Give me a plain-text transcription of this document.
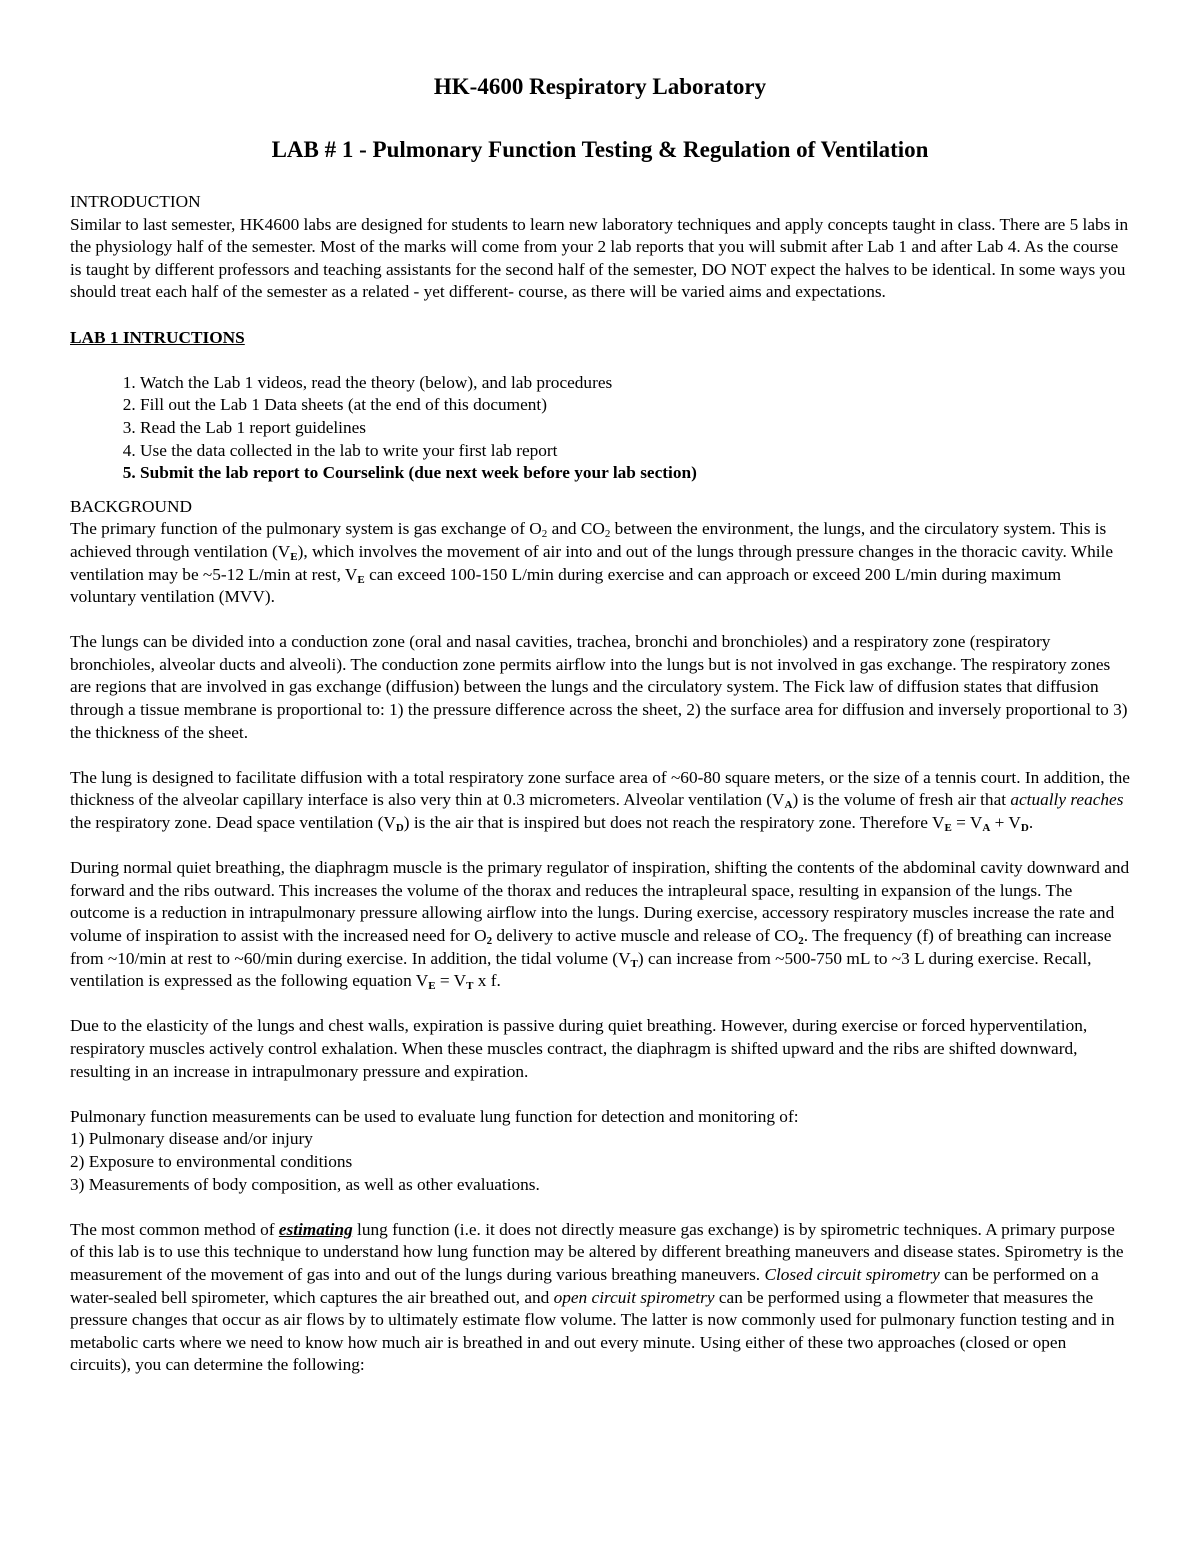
HK-4600 Respiratory Laboratory
LAB # 1 - Pulmonary Function Testing & Regulation of Ventilation
INTRODUCTION

Similar to last semester, HK4600 labs are designed for students to learn new laboratory techniques and apply concepts taught in class. There are 5 labs in the physiology half of the semester. Most of the marks will come from your 2 lab reports that you will submit after Lab 1 and after Lab 4. As the course is taught by different professors and teaching assistants for the second half of the semester, DO NOT expect the halves to be identical. In some ways you should treat each half of the semester as a related - yet different- course, as there will be varied aims and expectations.

LAB 1 INTRUCTIONS
1. Watch the Lab 1 videos, read the theory (below), and lab procedures
2. Fill out the Lab 1 Data sheets (at the end of this document)
3. Read the Lab 1 report guidelines
4. Use the data collected in the lab to write your first lab report
5. Submit the lab report to Courselink (due next week before your lab section)
BACKGROUND

The primary function of the pulmonary system is gas exchange of $O_2$ and $CO_2$ between the environment, the lungs, and the circulatory system. This is achieved through ventilation $(V_E)$, which involves the movement of air into and out of the lungs through pressure changes in the thoracic cavity. While ventilation may be ~5-12 L/min at rest, $V_E$ can exceed 100-150 L/min during exercise and can approach or exceed 200 L/min during maximum voluntary ventilation (MVV).

The lungs can be divided into a conduction zone (oral and nasal cavities, trachea, bronchi and bronchioles) and a respiratory zone (respiratory bronchioles, alveolar ducts and alveoli). The conduction zone permits airflow into the lungs but is not involved in gas exchange. The respiratory zones are regions that are involved in gas exchange (diffusion) between the lungs and the circulatory system. The Fick law of diffusion states that diffusion through a tissue membrane is proportional to: 1) the pressure difference across the sheet, 2) the surface area for diffusion and inversely proportional to 3) the thickness of the sheet.

The lung is designed to facilitate diffusion with a total respiratory zone surface area of ~60-80 square meters, or the size of a tennis court. In addition, the thickness of the alveolar capillary interface is also very thin at 0.3 micrometers. Alveolar ventilation $(V_A)$ is the volume of fresh air that actually reaches the respiratory zone. Dead space ventilation $(V_D)$ is the air that is inspired but does not reach the respiratory zone. Therefore $V_E = V_A + V_D$.

During normal quiet breathing, the diaphragm muscle is the primary regulator of inspiration, shifting the contents of the abdominal cavity downward and forward and the ribs outward. This increases the volume of the thorax and reduces the intrapleural space, resulting in expansion of the lungs. The outcome is a reduction in intrapulmonary pressure allowing airflow into the lungs. During exercise, accessory respiratory muscles increase the rate and volume of inspiration to assist with the increased need for $O_2$ delivery to active muscle and release of $CO_2$. The frequency (f) of breathing can increase from ~10/min at rest to ~60/min during exercise. In addition, the tidal volume $(V_T)$ can increase from ~500-750 mL to ~3 L during exercise. Recall, ventilation is expressed as the following equation $V_E = V_T$ x f.

Due to the elasticity of the lungs and chest walls, expiration is passive during quiet breathing. However, during exercise or forced hyperventilation, respiratory muscles actively control exhalation. When these muscles contract, the diaphragm is shifted upward and the ribs are shifted downward, resulting in an increase in intrapulmonary pressure and expiration.

Pulmonary function measurements can be used to evaluate lung function for detection and monitoring of:
1) Pulmonary disease and/or injury
2) Exposure to environmental conditions
3) Measurements of body composition, as well as other evaluations.

The most common method of estimating lung function (i.e. it does not directly measure gas exchange) is by spirometric techniques. A primary purpose of this lab is to use this technique to understand how lung function may be altered by different breathing maneuvers and disease states. Spirometry is the measurement of the movement of gas into and out of the lungs during various breathing maneuvers. Closed circuit spirometry can be performed on a water-sealed bell spirometer, which captures the air breathed out, and open circuit spirometry can be performed using a flowmeter that measures the pressure changes that occur as air flows by to ultimately estimate flow volume. The latter is now commonly used for pulmonary function testing and in metabolic carts where we need to know how much air is breathed in and out every minute. Using either of these two approaches (closed or open circuits), you can determine the following:
